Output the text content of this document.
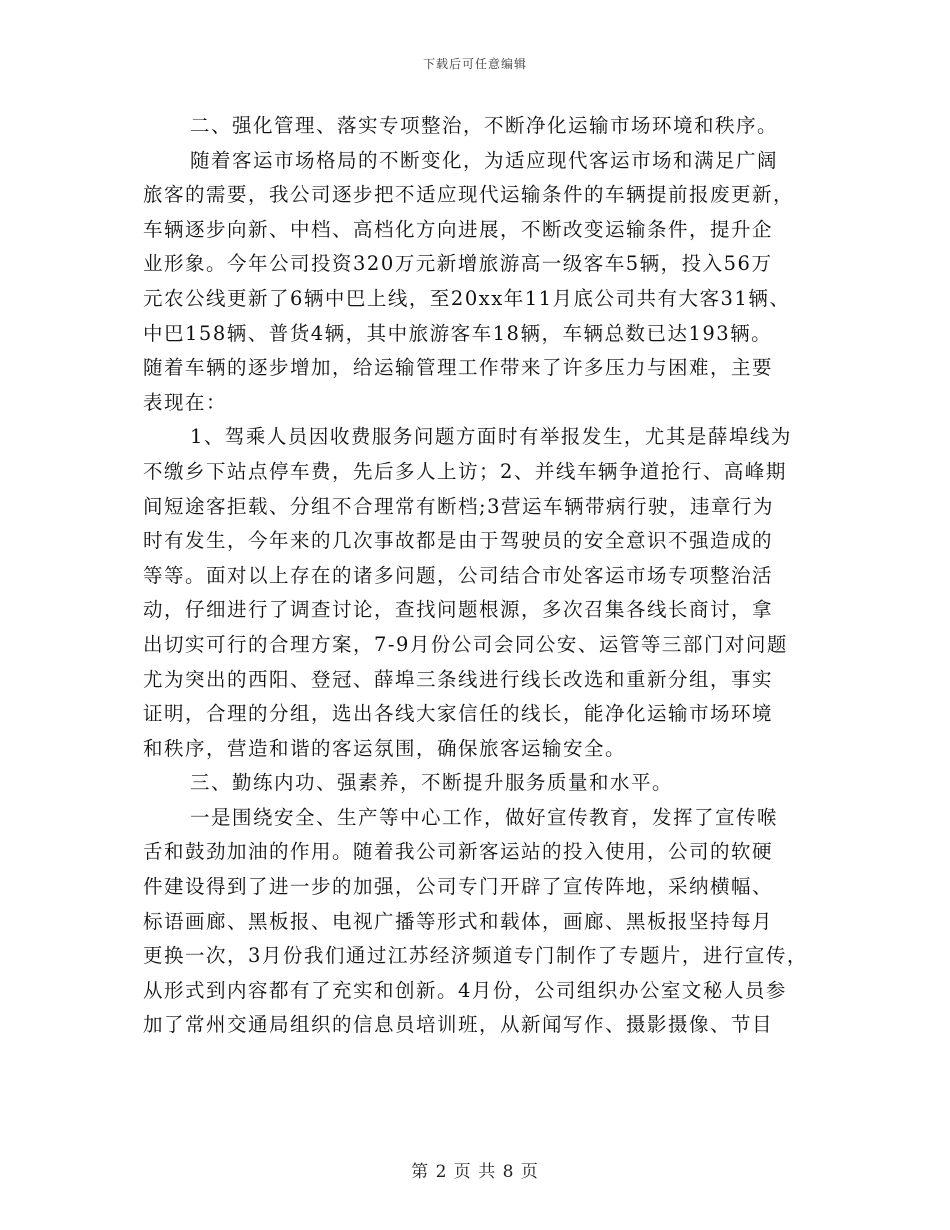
下载后可任意编辑
二、强化管理、落实专项整治，不断净化运输市场环境和秩序。
随着客运市场格局的不断变化，为适应现代客运市场和满足广阔
旅客的需要，我公司逐步把不适应现代运输条件的车辆提前报废更新，
车辆逐步向新、中档、高档化方向进展，不断改变运输条件，提升企
业形象。今年公司投资320万元新增旅游高一级客车5辆，投入56万
元农公线更新了6辆中巴上线，至20xx年11月底公司共有大客31辆、
中巴158辆、普货4辆，其中旅游客车18辆，车辆总数已达193辆。
随着车辆的逐步增加，给运输管理工作带来了许多压力与困难，主要
表现在：
1、驾乘人员因收费服务问题方面时有举报发生，尤其是薛埠线为
不缴乡下站点停车费，先后多人上访；2、并线车辆争道抢行、高峰期
间短途客拒载、分组不合理常有断档;3营运车辆带病行驶，违章行为
时有发生，今年来的几次事故都是由于驾驶员的安全意识不强造成的
等等。面对以上存在的诸多问题，公司结合市处客运市场专项整治活
动，仔细进行了调查讨论，查找问题根源，多次召集各线长商讨，拿
出切实可行的合理方案，7-9月份公司会同公安、运管等三部门对问题
尤为突出的西阳、登冠、薛埠三条线进行线长改选和重新分组，事实
证明，合理的分组，选出各线大家信任的线长，能净化运输市场环境
和秩序，营造和谐的客运氛围，确保旅客运输安全。
三、勤练内功、强素养，不断提升服务质量和水平。
一是围绕安全、生产等中心工作，做好宣传教育，发挥了宣传喉
舌和鼓劲加油的作用。随着我公司新客运站的投入使用，公司的软硬
件建设得到了进一步的加强，公司专门开辟了宣传阵地，采纳横幅、
标语画廊、黑板报、电视广播等形式和载体，画廊、黑板报坚持每月
更换一次，3月份我们通过江苏经济频道专门制作了专题片，进行宣传，
从形式到内容都有了充实和创新。4月份，公司组织办公室文秘人员参
加了常州交通局组织的信息员培训班，从新闻写作、摄影摄像、节目
第 2 页 共 8 页
